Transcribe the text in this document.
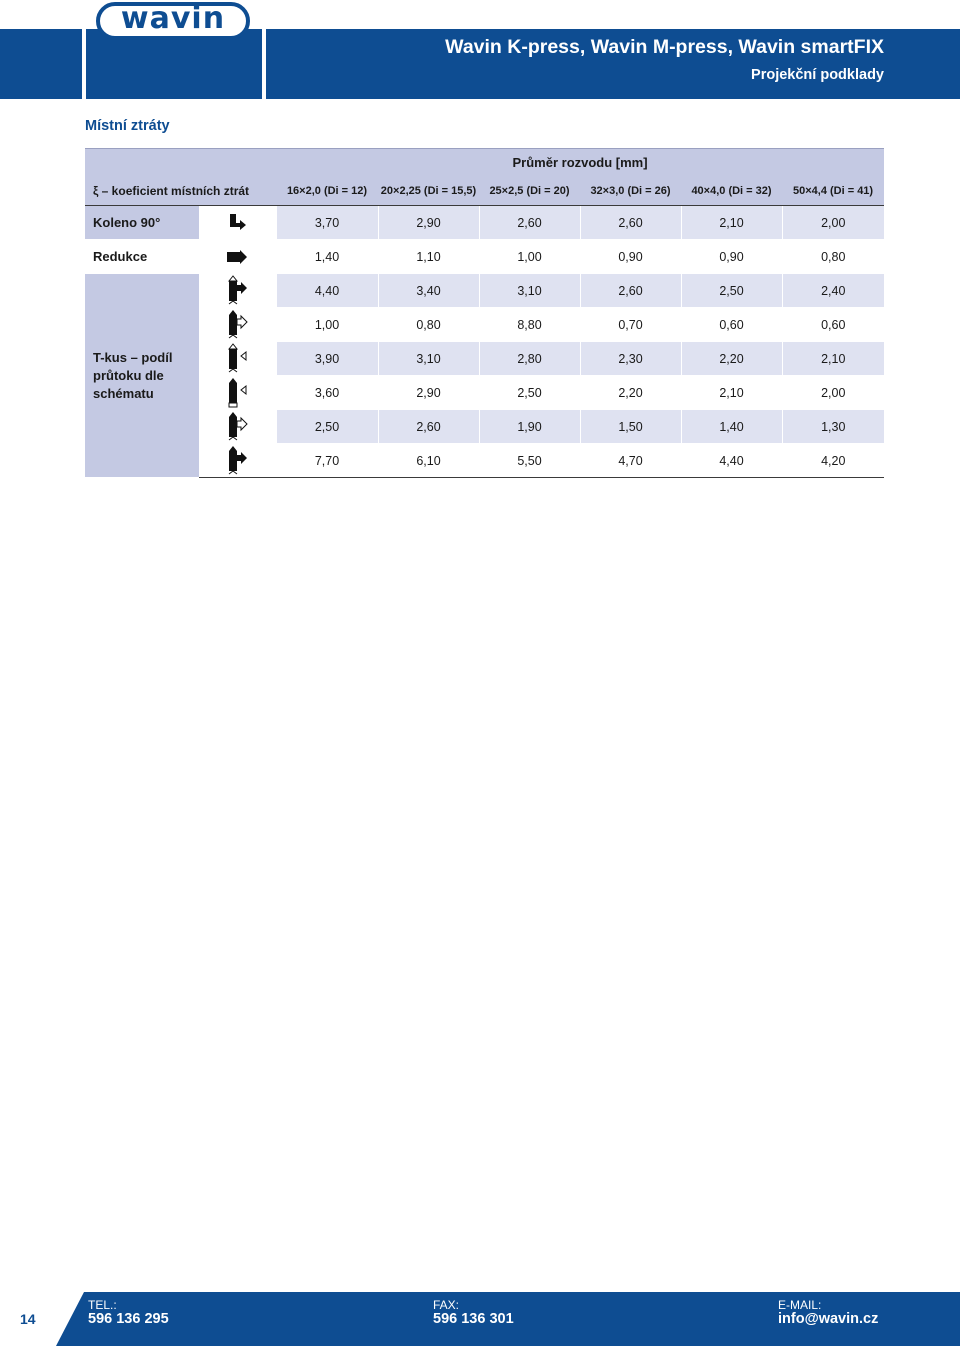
wavin
Wavin K-press, Wavin M-press, Wavin smartFIX
Projekční podklady
Místní ztráty
		Průměr rozvodu [mm]					
ξ – koeficient místních ztrát		16×2,0 (Di = 12)	20×2,25 (Di = 15,5)	25×2,5 (Di = 20)	32×3,0 (Di = 26)	40×4,0 (Di = 32)	50×4,4 (Di = 41)
Koleno 90°		3,70	2,90	2,60	2,60	2,10	2,00
Redukce		1,40	1,10	1,00	0,90	0,90	0,80
T-kus – podíl průtoku dle schématu		4,40	3,40	3,10	2,60	2,50	2,40

	1,00	0,80	8,80	0,70	0,60	0,60

	3,90	3,10	2,80	2,30	2,20	2,10

	3,60	2,90	2,50	2,20	2,10	2,00

	2,50	2,60	1,90	1,50	1,40	1,30

	7,70	6,10	5,50	4,70	4,40	4,20
14
TEL.:
596 136 295
FAX:
596 136 301
E-MAIL:
info@wavin.cz
